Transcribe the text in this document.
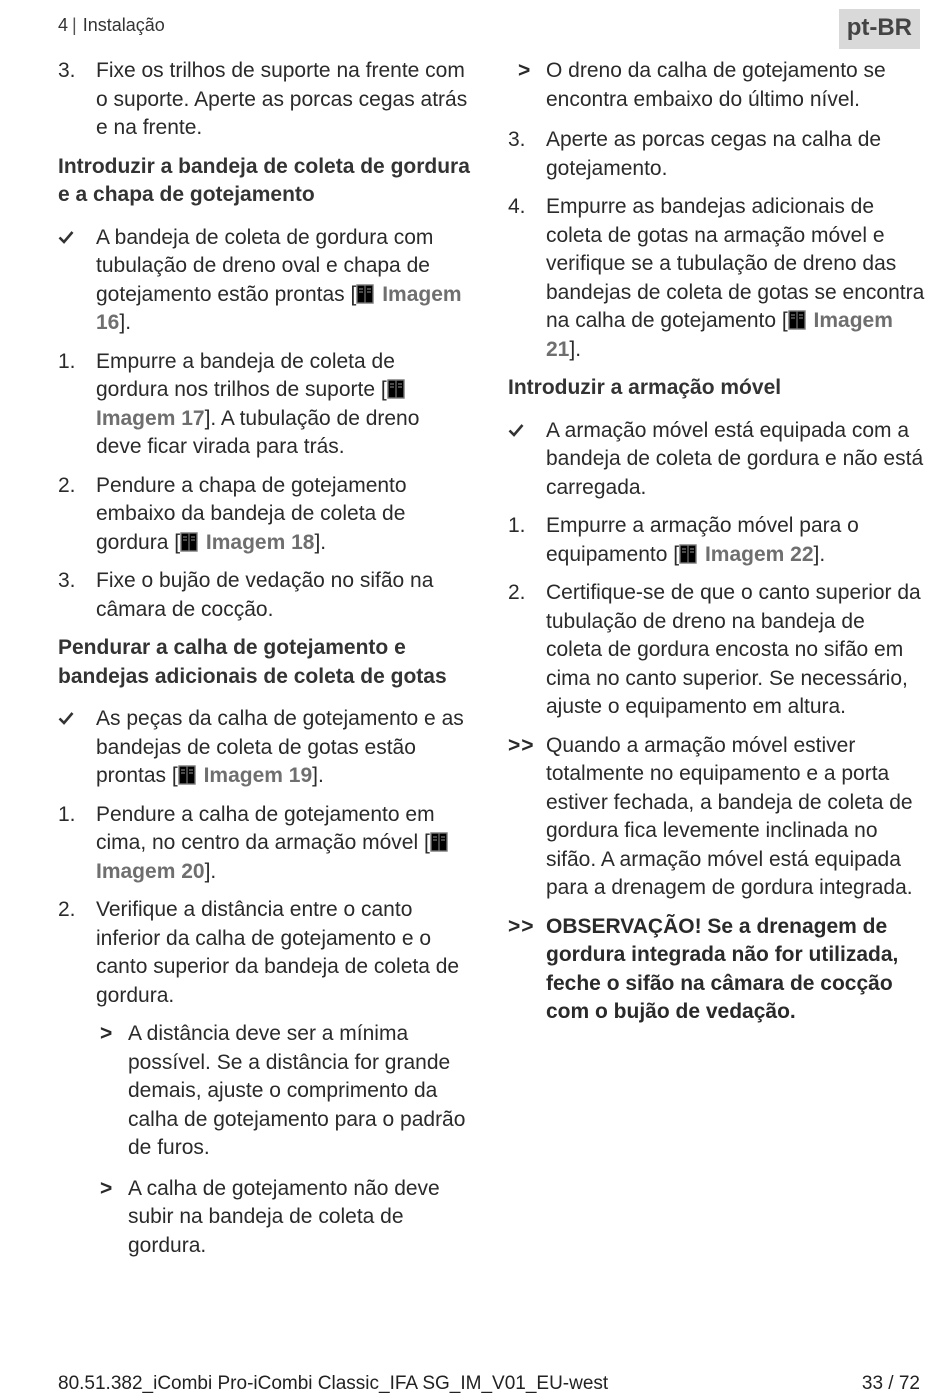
4 | Instalação	pt-BR
3. Fixe os trilhos de suporte na frente com o suporte. Aperte as porcas cegas atrás e na frente.
Introduzir a bandeja de coleta de gordura e a chapa de gotejamento
A bandeja de coleta de gordura com tubulação de dreno oval e chapa de gotejamento estão prontas [ Imagem 16].
1. Empurre a bandeja de coleta de gordura nos trilhos de suporte [ Imagem 17]. A tubulação de dreno deve ficar virada para trás.
2. Pendure a chapa de gotejamento embaixo da bandeja de coleta de gordura [ Imagem 18].
3. Fixe o bujão de vedação no sifão na câmara de cocção.
Pendurar a calha de gotejamento e bandejas adicionais de coleta de gotas
As peças da calha de gotejamento e as bandejas de coleta de gotas estão prontas [ Imagem 19].
1. Pendure a calha de gotejamento em cima, no centro da armação móvel [ Imagem 20].
2. Verifique a distância entre o canto inferior da calha de gotejamento e o canto superior da bandeja de coleta de gordura.
> A distância deve ser a mínima possível. Se a distância for grande demais, ajuste o comprimento da calha de gotejamento para o padrão de furos.
> A calha de gotejamento não deve subir na bandeja de coleta de gordura.
> O dreno da calha de gotejamento se encontra embaixo do último nível.
3. Aperte as porcas cegas na calha de gotejamento.
4. Empurre as bandejas adicionais de coleta de gotas na armação móvel e verifique se a tubulação de dreno das bandejas de coleta de gotas se encontra na calha de gotejamento [ Imagem 21].
Introduzir a armação móvel
A armação móvel está equipada com a bandeja de coleta de gordura e não está carregada.
1. Empurre a armação móvel para o equipamento [ Imagem 22].
2. Certifique-se de que o canto superior da tubulação de dreno na bandeja de coleta de gordura encosta no sifão em cima no canto superior. Se necessário, ajuste o equipamento em altura.
>> Quando a armação móvel estiver totalmente no equipamento e a porta estiver fechada, a bandeja de coleta de gordura fica levemente inclinada no sifão. A armação móvel está equipada para a drenagem de gordura integrada.
>> OBSERVAÇÃO! Se a drenagem de gordura integrada não for utilizada, feche o sifão na câmara de cocção com o bujão de vedação.
80.51.382_iCombi Pro-iCombi Classic_IFA SG_IM_V01_EU-west	33 / 72
